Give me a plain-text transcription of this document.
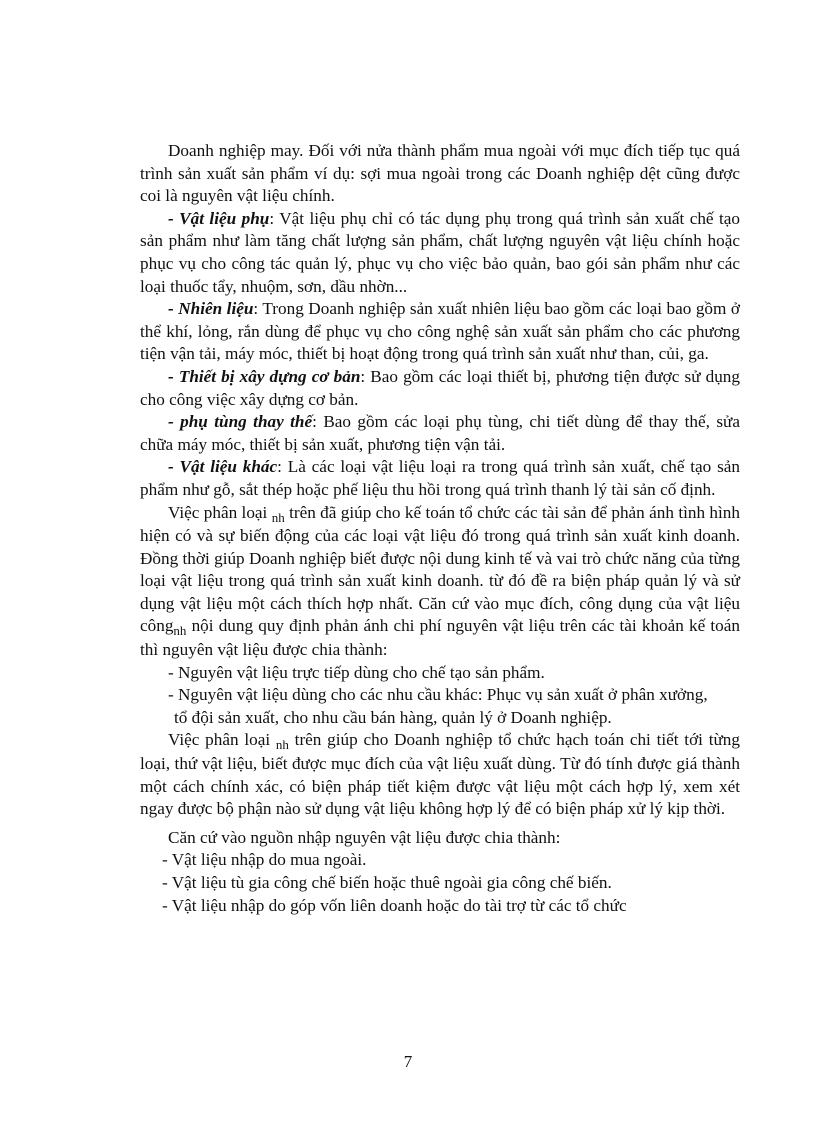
Doanh nghiệp may. Đối với nửa thành phẩm mua ngoài với mục đích tiếp tục quá trình sản xuất sản phẩm ví dụ: sợi mua ngoài trong các Doanh nghiệp dệt cũng được coi là nguyên vật liệu chính.

- Vật liệu phụ: Vật liệu phụ chỉ có tác dụng phụ trong quá trình sản xuất chế tạo sản phẩm như làm tăng chất lượng sản phẩm, chất lượng nguyên vật liệu chính hoặc phục vụ cho công tác quản lý, phục vụ cho việc bảo quản, bao gói sản phẩm như các loại thuốc tẩy, nhuộm, sơn, dầu nhờn...

- Nhiên liệu: Trong Doanh nghiệp sản xuất nhiên liệu bao gồm các loại bao gồm ở thể khí, lỏng, rắn dùng để phục vụ cho công nghệ sản xuất sản phẩm cho các phương tiện vận tải, máy móc, thiết bị hoạt động trong quá trình sản xuất như than, củi, ga.

- Thiết bị xây dựng cơ bản: Bao gồm các loại thiết bị, phương tiện được sử dụng cho công việc xây dựng cơ bản.

- phụ tùng thay thế: Bao gồm các loại phụ tùng, chi tiết dùng để thay thế, sửa chữa máy móc, thiết bị sản xuất, phương tiện vận tải.

- Vật liệu khác: Là các loại vật liệu loại ra trong quá trình sản xuất, chế tạo sản phẩm như gỗ, sắt thép hoặc phế liệu thu hồi trong quá trình thanh lý tài sản cố định.

Việc phân loại $_{nh}$ trên đã giúp cho kế toán tổ chức các tài sản để phản ánh tình hình hiện có và sự biến động của các loại vật liệu đó trong quá trình sản xuất kinh doanh. Đồng thời giúp Doanh nghiệp biết được nội dung kinh tế và vai trò chức năng của từng loại vật liệu trong quá trình sản xuất kinh doanh. từ đó đề ra biện pháp quản lý và sử dụng vật liệu một cách thích hợp nhất. Căn cứ vào mục đích, công dụng của vật liệu công$_{nh}$ nội dung quy định phản ánh chi phí nguyên vật liệu trên các tài khoản kế toán thì nguyên vật liệu được chia thành:

- Nguyên vật liệu trực tiếp dùng cho chế tạo sản phẩm.

- Nguyên vật liệu dùng cho các nhu cầu khác: Phục vụ sản xuất ở phân xưởng,

tổ đội sản xuất, cho nhu cầu bán hàng, quản lý ở Doanh nghiệp.

Việc phân loại $_{nh}$ trên giúp cho Doanh nghiệp tổ chức hạch toán chi tiết tới từng loại, thứ vật liệu, biết được mục đích của vật liệu xuất dùng. Từ đó tính được giá thành một cách chính xác, có biện pháp tiết kiệm được vật liệu một cách hợp lý, xem xét ngay được bộ phận nào sử dụng vật liệu không hợp lý để có biện pháp xử lý kịp thời.

Căn cứ vào nguồn nhập nguyên vật liệu được chia thành:

- Vật liệu nhập do mua ngoài.

- Vật liệu tù gia công chế biến hoặc thuê ngoài gia công chế biến.

- Vật liệu nhập do góp vốn liên doanh hoặc do tài trợ từ các tổ chức

7
